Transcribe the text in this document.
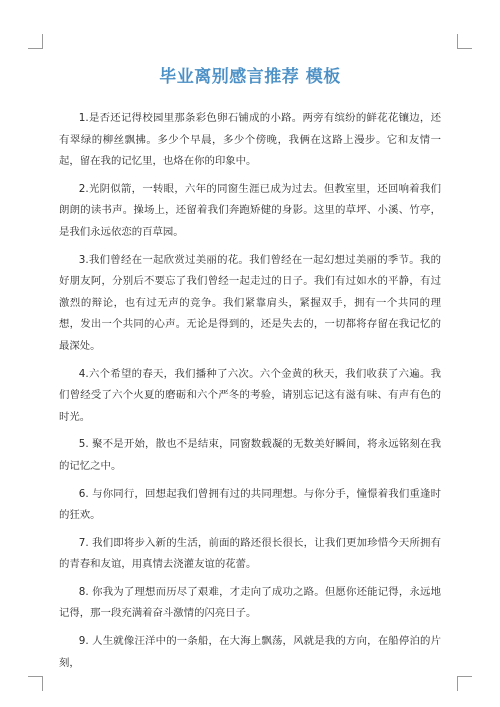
毕业离别感言推荐 模板

1.是否还记得校园里那条彩色卵石铺成的小路。两旁有缤纷的鲜花花镶边，还有翠绿的柳丝飘拂。多少个早晨，多少个傍晚，我俩在这路上漫步。它和友情一起，留在我的记忆里，也烙在你的印象中。

2.光阴似箭，一转眼，六年的同窗生涯已成为过去。但教室里，还回响着我们朗朗的读书声。操场上，还留着我们奔跑矫健的身影。这里的草坪、小溪、竹亭，是我们永远依恋的百草园。

3.我们曾经在一起欣赏过美丽的花。我们曾经在一起幻想过美丽的季节。我的好朋友阿，分别后不要忘了我们曾经一起走过的日子。我们有过如水的平静，有过激烈的辩论，也有过无声的竞争。我们紧靠肩头，紧握双手，拥有一个共同的理想，发出一个共同的心声。无论是得到的，还是失去的，一切都将存留在我记忆的最深处。

4.六个希望的春天，我们播种了六次。六个金黄的秋天，我们收获了六遍。我们曾经受了六个火夏的磨砺和六个严冬的考验，请别忘记这有滋有味、有声有色的时光。

5. 聚不是开始，散也不是结束，同窗数载凝的无数美好瞬间，将永远铭刻在我的记忆之中。

6. 与你同行，回想起我们曾拥有过的共同理想。与你分手，憧憬着我们重逢时的狂欢。

7. 我们即将步入新的生活，前面的路还很长很长，让我们更加珍惜今天所拥有的青春和友谊，用真情去浇灌友谊的花蕾。

8. 你我为了理想而历尽了艰难，才走向了成功之路。但愿你还能记得，永远地记得，那一段充满着奋斗激情的闪亮日子。

9. 人生就像汪洋中的一条船，在大海上飘荡，风就是我的方向，在船停泊的片刻，
